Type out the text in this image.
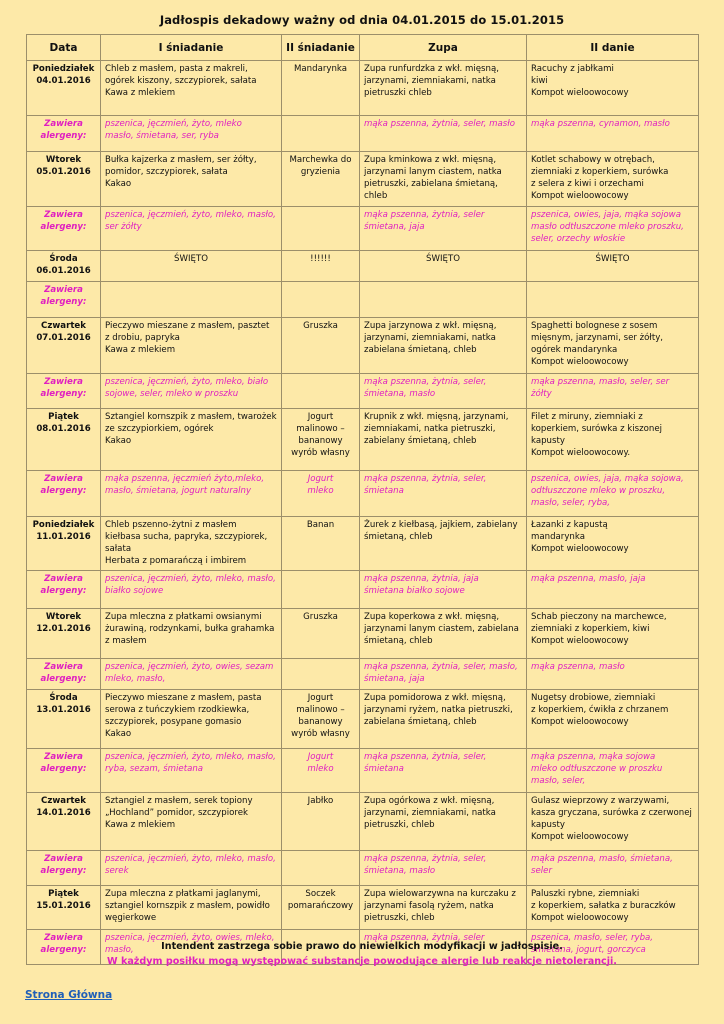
Jadłospis dekadowy ważny od dnia 04.01.2015 do 15.01.2015
Data	I śniadanie	II śniadanie	Zupa	II danie

Poniedziałek
04.01.2016	Chleb z masłem, pasta z makreli,
ogórek kiszony, szczypiorek, sałata
Kawa z mlekiem	Mandarynka	Zupa runfurdzka z wkł. mięsną,
jarzynami, ziemniakami, natka
pietruszki chleb	Racuchy z jabłkami
kiwi
Kompot wieloowocowy

Zawiera alergeny:	pszenica, jęczmień, żyto, mleko
masło, śmietana, ser, ryba		mąka pszenna, żytnia, seler, masło	mąka pszenna, cynamon, masło

Wtorek
05.01.2016	Bułka kajzerka z masłem, ser żółty,
pomidor, szczypiorek, sałata
Kakao	Marchewka do
gryzienia	Zupa kminkowa z wkł. mięsną,
jarzynami lanym ciastem, natka
pietruszki, zabielana śmietaną,
chleb	Kotlet schabowy w otrębach,
ziemniaki z koperkiem, surówka
z selera z kiwi i orzechami
Kompot wieloowocowy

Zawiera alergeny:	pszenica, jęczmień, żyto, mleko, masło,
ser żółty		mąka pszenna, żytnia, seler
śmietana, jaja	pszenica, owies, jaja, mąka sojowa
masło odtłuszczone mleko proszku,
seler, orzechy włoskie

Środa
06.01.2016	ŚWIĘTO	!!!!!!	ŚWIĘTO	ŚWIĘTO

Zawiera alergeny:				

Czwartek
07.01.2016	Pieczywo mieszane z masłem, pasztet
z drobiu, papryka
Kawa z mlekiem	Gruszka	Zupa jarzynowa z wkł. mięsną,
jarzynami, ziemniakami, natka
zabielana śmietaną, chleb	Spaghetti bolognese z sosem
mięsnym, jarzynami, ser żółty,
ogórek mandarynka
Kompot wieloowocowy

Zawiera alergeny:	pszenica, jęczmień, żyto, mleko, biało
sojowe, seler, mleko w proszku		mąka pszenna, żytnia, seler,
śmietana, masło	mąka pszenna, masło, seler, ser
żółty

Piątek
08.01.2016	Sztangiel kornszpik z masłem, twarożek
ze szczypiorkiem, ogórek
Kakao	Jogurt
malinowo –
bananowy
wyrób własny	Krupnik z wkł. mięsną, jarzynami,
ziemniakami, natka pietruszki,
zabielany śmietaną, chleb	Filet z miruny, ziemniaki z
koperkiem, surówka z kiszonej
kapusty
Kompot wieloowocowy.

Zawiera alergeny:	mąka pszenna, jęczmień żyto,mleko,
masło, śmietana, jogurt naturalny	Jogurt
mleko	mąka pszenna, żytnia, seler,
śmietana	pszenica, owies, jaja, mąka sojowa,
odtłuszczone mleko w proszku,
masło, seler, ryba,

Poniedziałek
11.01.2016	Chleb pszenno-żytni z masłem
kiełbasa sucha, papryka, szczypiorek,
sałata
Herbata z pomarańczą i imbirem	Banan	Żurek z kiełbasą, jajkiem, zabielany
śmietaną, chleb	Łazanki z kapustą
mandarynka
Kompot wieloowocowy

Zawiera alergeny:	pszenica, jęczmień, żyto, mleko, masło,
białko sojowe		mąka pszenna, żytnia, jaja
śmietana białko sojowe	mąka pszenna, masło, jaja

Wtorek
12.01.2016	Zupa mleczna z płatkami owsianymi
żurawiną, rodzynkami, bułka grahamka
z masłem	Gruszka	Zupa koperkowa z wkł. mięsną,
jarzynami lanym ciastem, zabielana
śmietaną, chleb	Schab pieczony na marchewce,
ziemniaki z koperkiem, kiwi
Kompot wieloowocowy

Zawiera alergeny:	pszenica, jęczmień, żyto, owies, sezam
mleko, masło,		mąka pszenna, żytnia, seler, masło,
śmietana, jaja	mąka pszenna, masło

Środa
13.01.2016	Pieczywo mieszane z masłem, pasta
serowa z tuńczykiem rzodkiewka,
szczypiorek, posypane gomasio
Kakao	Jogurt
malinowo –
bananowy
wyrób własny	Zupa pomidorowa z wkł. mięsną,
jarzynami ryżem, natka pietruszki,
zabielana śmietaną, chleb	Nugetsy drobiowe, ziemniaki
z koperkiem, ćwikła z chrzanem
Kompot wieloowocowy

Zawiera alergeny:	pszenica, jęczmień, żyto, mleko, masło,
ryba, sezam, śmietana	Jogurt
mleko	mąka pszenna, żytnia, seler,
śmietana	mąka pszenna, mąka sojowa
mleko odtłuszczone w proszku
masło, seler,

Czwartek
14.01.2016	Sztangiel z masłem, serek topiony
„Hochland” pomidor, szczypiorek
Kawa z mlekiem	Jabłko	Zupa ogórkowa z wkł. mięsną,
jarzynami, ziemniakami, natka
pietruszki, chleb	Gulasz wieprzowy z warzywami,
kasza gryczana, surówka z czerwonej
kapusty
Kompot wieloowocowy

Zawiera alergeny:	pszenica, jęczmień, żyto, mleko, masło,
serek		mąka pszenna, żytnia, seler,
śmietana, masło	mąka pszenna, masło, śmietana,
seler

Piątek
15.01.2016	Zupa mleczna z płatkami jaglanymi,
sztangiel kornszpik z masłem, powidło
węgierkowe	Soczek
pomarańczowy	Zupa wielowarzywna na kurczaku z
jarzynami fasolą ryżem, natka
pietruszki, chleb	Paluszki rybne, ziemniaki
z koperkiem, sałatka z buraczków
Kompot wieloowocowy

Zawiera alergeny:	pszenica, jęczmień, żyto, owies, mleko,
masło,		mąka pszenna, żytnia, seler	pszenica, masło, seler, ryba,
śmietana, jogurt, gorczyca
Intendent zastrzega sobie prawo do niewielkich modyfikacji w jadłospisie.
W każdym posiłku mogą występować substancje powodujące alergie lub reakcje nietolerancji.
Strona Główna
